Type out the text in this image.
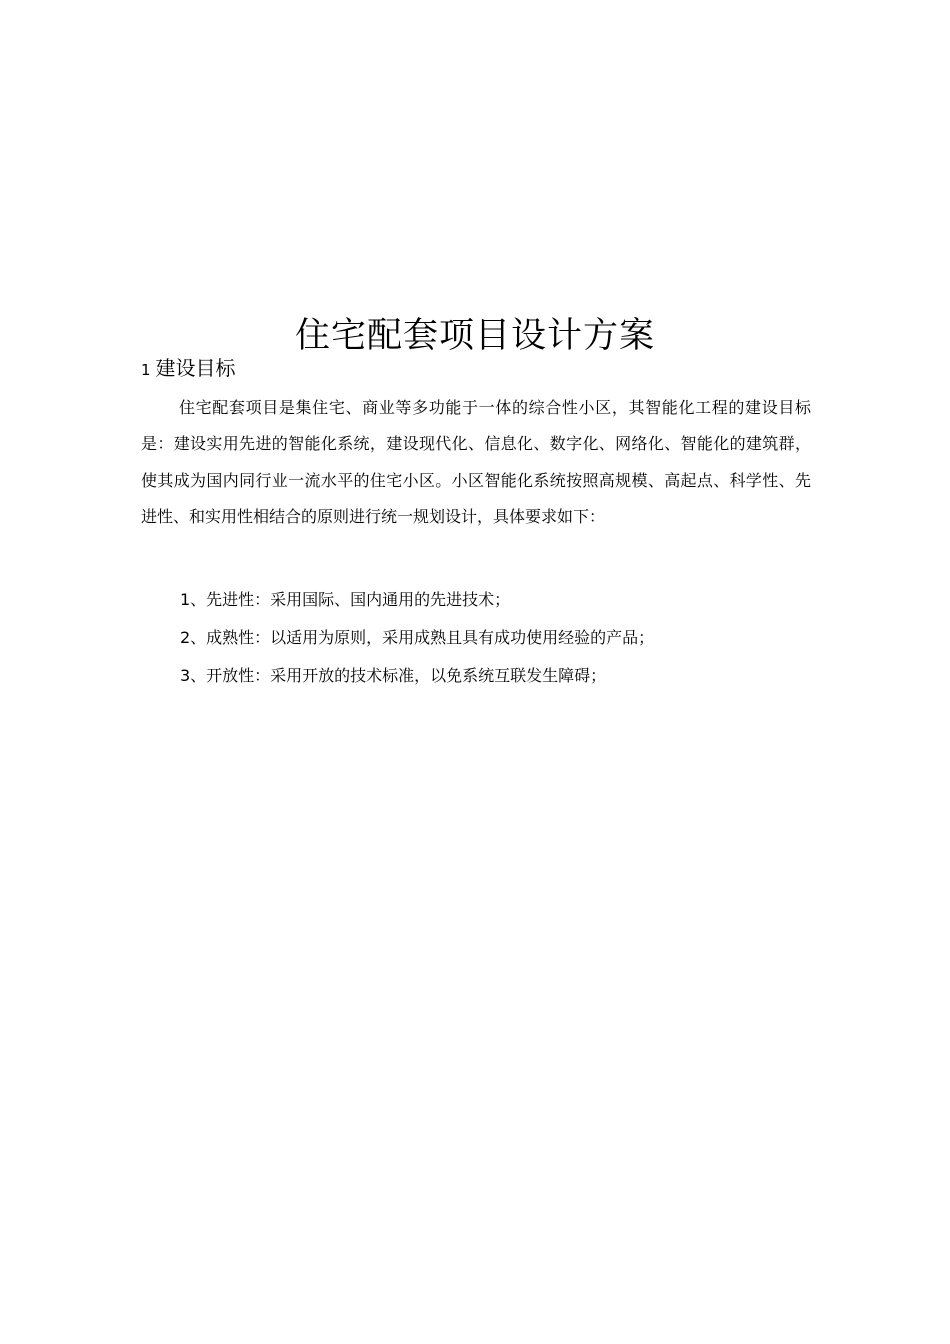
住宅配套项目设计方案
1 建设目标

住宅配套项目是集住宅、商业等多功能于一体的综合性小区，其智能化工程的建设目标是：建设实用先进的智能化系统，建设现代化、信息化、数字化、网络化、智能化的建筑群，使其成为国内同行业一流水平的住宅小区。小区智能化系统按照高规模、高起点、科学性、先进性、和实用性相结合的原则进行统一规划设计，具体要求如下：

1、先进性：采用国际、国内通用的先进技术；
2、成熟性：以适用为原则，采用成熟且具有成功使用经验的产品；
3、开放性：采用开放的技术标准，以免系统互联发生障碍；
